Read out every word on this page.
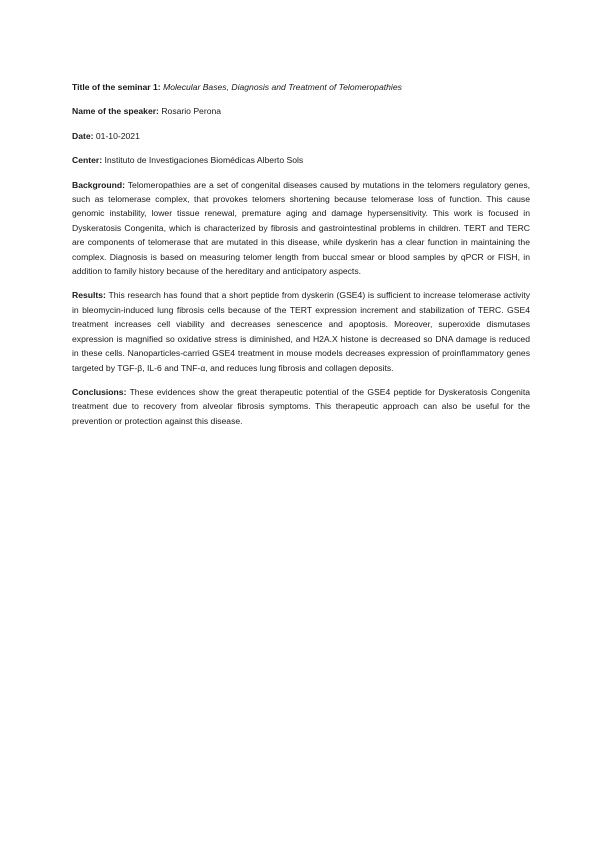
Title of the seminar 1: Molecular Bases, Diagnosis and Treatment of Telomeropathies

Name of the speaker: Rosario Perona

Date: 01-10-2021

Center: Instituto de Investigaciones Biomédicas Alberto Sols

Background: Telomeropathies are a set of congenital diseases caused by mutations in the telomers regulatory genes, such as telomerase complex, that provokes telomers shortening because telomerase loss of function. This cause genomic instability, lower tissue renewal, premature aging and damage hypersensitivity. This work is focused in Dyskeratosis Congenita, which is characterized by fibrosis and gastrointestinal problems in children. TERT and TERC are components of telomerase that are mutated in this disease, while dyskerin has a clear function in maintaining the complex. Diagnosis is based on measuring telomer length from buccal smear or blood samples by qPCR or FISH, in addition to family history because of the hereditary and anticipatory aspects.

Results: This research has found that a short peptide from dyskerin (GSE4) is sufficient to increase telomerase activity in bleomycin-induced lung fibrosis cells because of the TERT expression increment and stabilization of TERC. GSE4 treatment increases cell viability and decreases senescence and apoptosis. Moreover, superoxide dismutases expression is magnified so oxidative stress is diminished, and H2A.X histone is decreased so DNA damage is reduced in these cells. Nanoparticles-carried GSE4 treatment in mouse models decreases expression of proinflammatory genes targeted by TGF-β, IL-6 and TNF-α, and reduces lung fibrosis and collagen deposits.

Conclusions: These evidences show the great therapeutic potential of the GSE4 peptide for Dyskeratosis Congenita treatment due to recovery from alveolar fibrosis symptoms. This therapeutic approach can also be useful for the prevention or protection against this disease.
